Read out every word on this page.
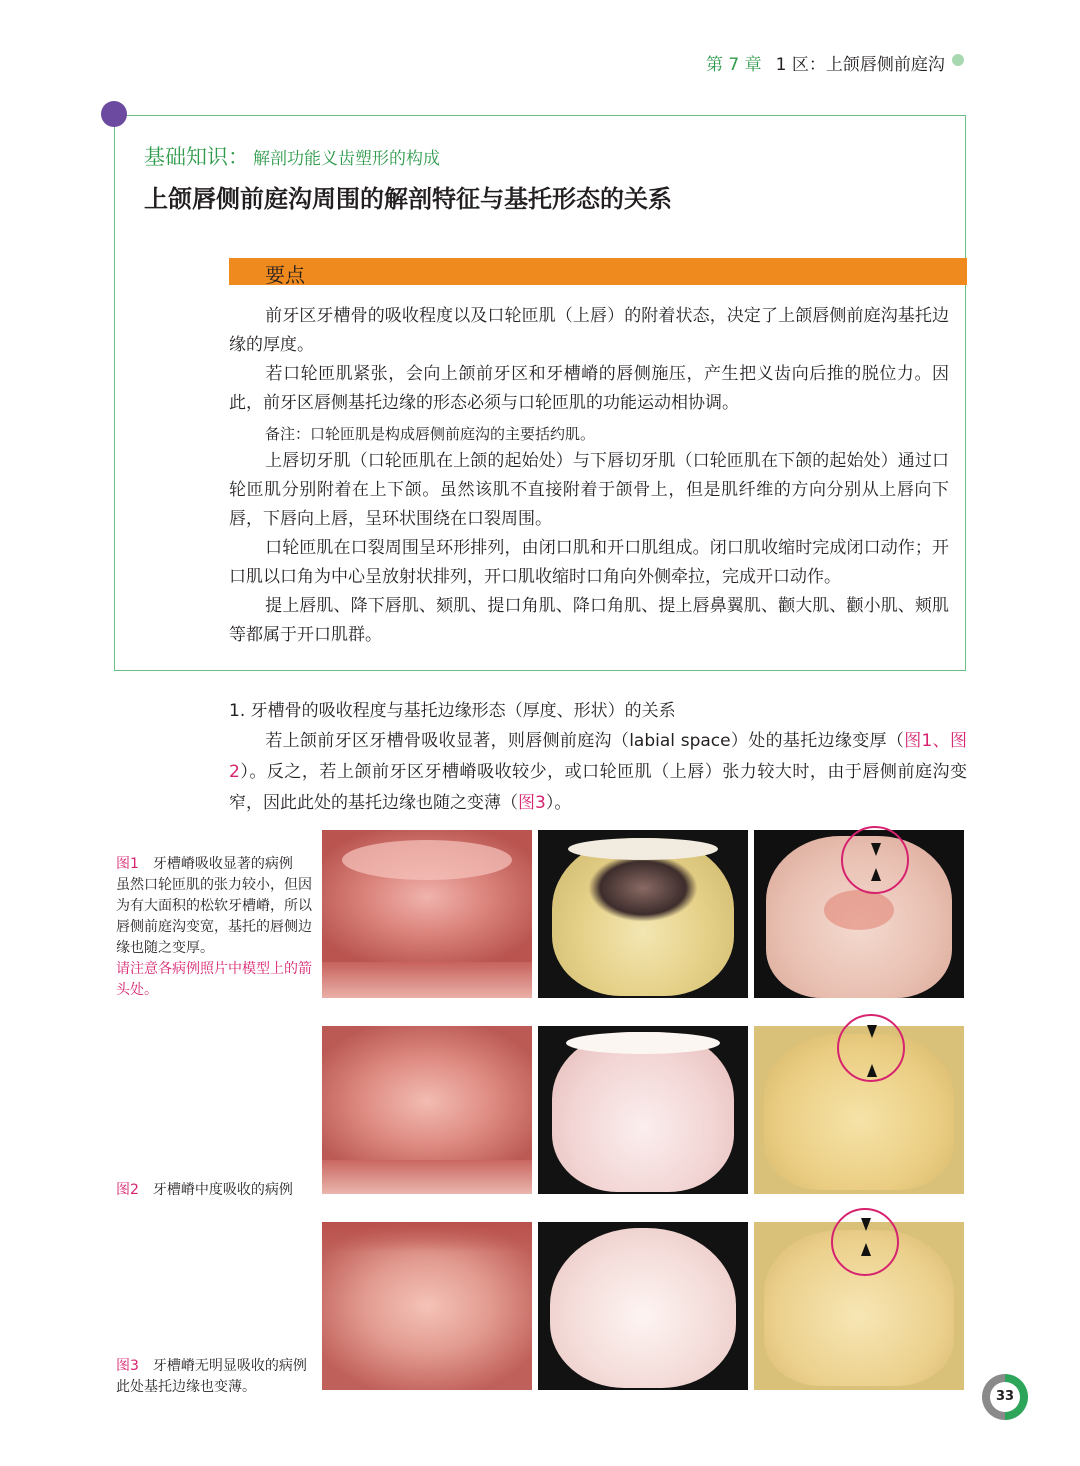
第 7 章 1 区：上颌唇侧前庭沟
基础知识： 解剖功能义齿塑形的构成
上颌唇侧前庭沟周围的解剖特征与基托形态的关系
要点
前牙区牙槽骨的吸收程度以及口轮匝肌（上唇）的附着状态，决定了上颌唇侧前庭沟基托边缘的厚度。
若口轮匝肌紧张，会向上颌前牙区和牙槽嵴的唇侧施压，产生把义齿向后推的脱位力。因此，前牙区唇侧基托边缘的形态必须与口轮匝肌的功能运动相协调。
备注：口轮匝肌是构成唇侧前庭沟的主要括约肌。
上唇切牙肌（口轮匝肌在上颌的起始处）与下唇切牙肌（口轮匝肌在下颌的起始处）通过口轮匝肌分别附着在上下颌。虽然该肌不直接附着于颌骨上，但是肌纤维的方向分别从上唇向下唇，下唇向上唇，呈环状围绕在口裂周围。
口轮匝肌在口裂周围呈环形排列，由闭口肌和开口肌组成。闭口肌收缩时完成闭口动作；开口肌以口角为中心呈放射状排列，开口肌收缩时口角向外侧牵拉，完成开口动作。
提上唇肌、降下唇肌、颏肌、提口角肌、降口角肌、提上唇鼻翼肌、颧大肌、颧小肌、颊肌等都属于开口肌群。
1. 牙槽骨的吸收程度与基托边缘形态（厚度、形状）的关系
若上颌前牙区牙槽骨吸收显著，则唇侧前庭沟（labial space）处的基托边缘变厚（图1、图2）。反之，若上颌前牙区牙槽嵴吸收较少，或口轮匝肌（上唇）张力较大时，由于唇侧前庭沟变窄，因此此处的基托边缘也随之变薄（图3）。
图1 牙槽嵴吸收显著的病例
虽然口轮匝肌的张力较小，但因为有大面积的松软牙槽嵴，所以唇侧前庭沟变宽，基托的唇侧边缘也随之变厚。
请注意各病例照片中模型上的箭头处。
图2 牙槽嵴中度吸收的病例
图3 牙槽嵴无明显吸收的病例
此处基托边缘也变薄。
33
